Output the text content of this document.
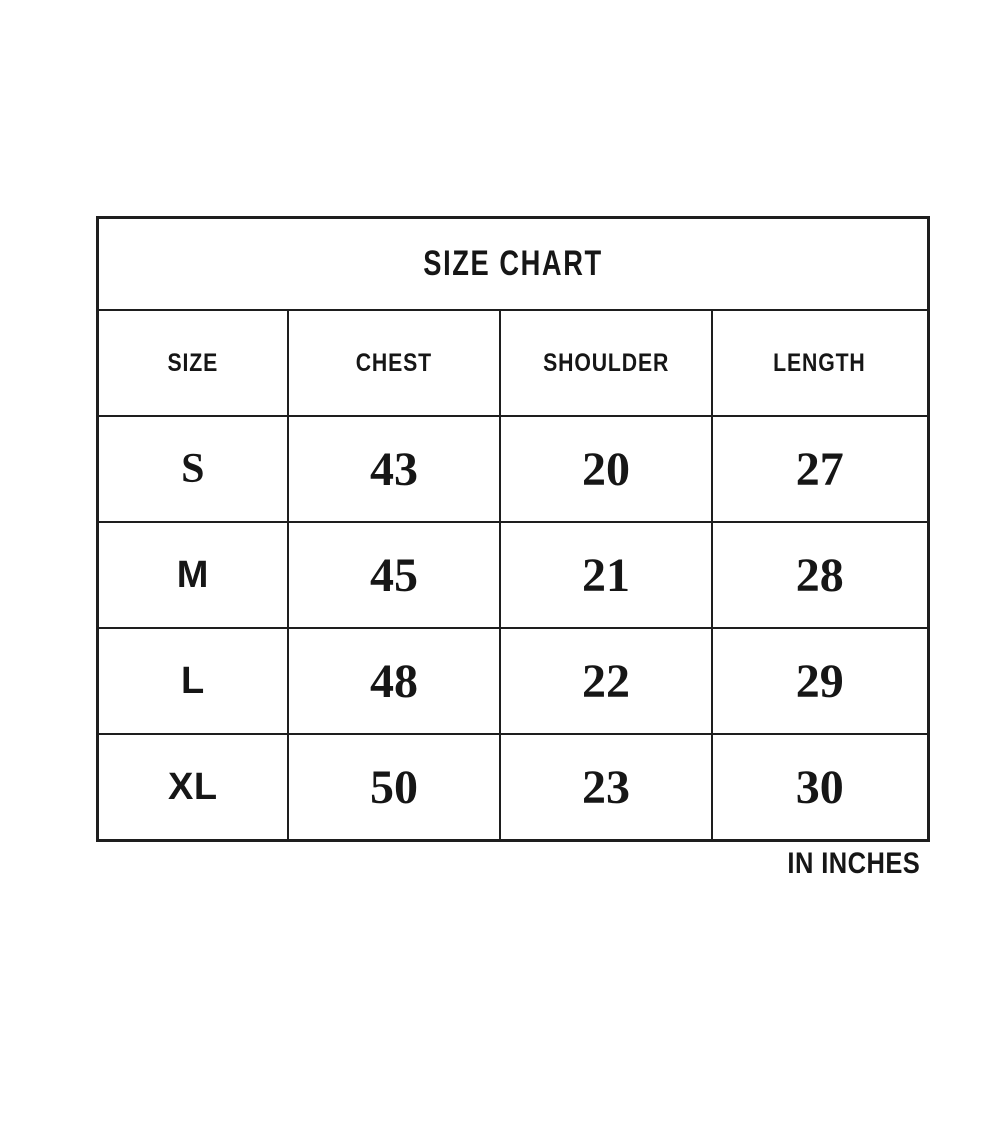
SIZE CHART
SIZE	CHEST	SHOULDER	LENGTH
S	43	20	27
M	45	21	28
L	48	22	29
XL	50	23	30
IN INCHES
